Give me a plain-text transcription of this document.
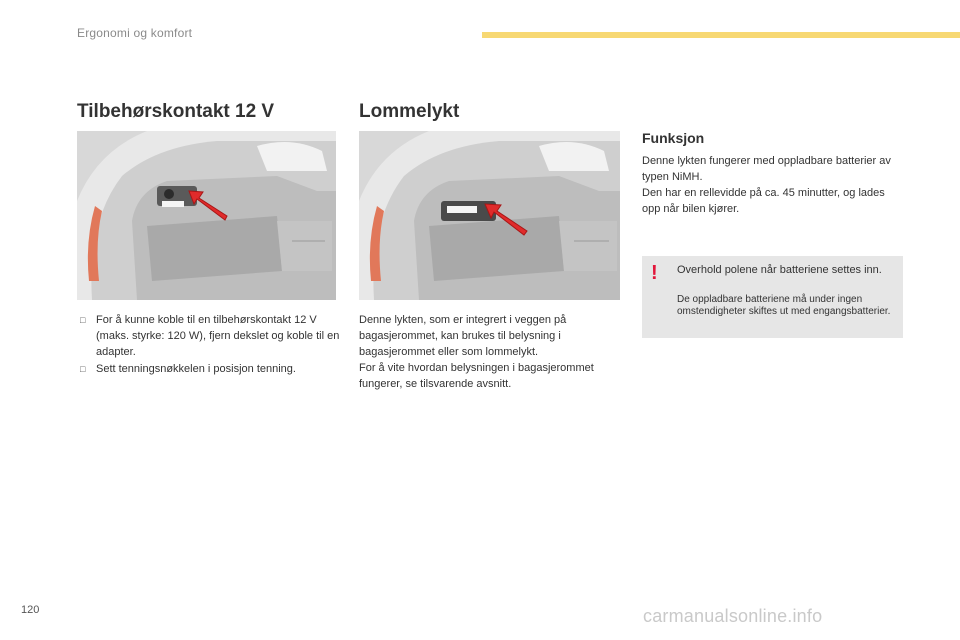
Ergonomi og komfort
Tilbehørskontakt 12 V	Lommelykt
□ For å kunne koble til en tilbehørskontakt 12 V (maks. styrke: 120 W), fjern dekslet og koble til en adapter.
□ Sett tenningsnøkkelen i posisjon tenning.

Denne lykten, som er integrert i veggen på bagasjerommet, kan brukes til belysning i bagasjerommet eller som lommelykt.

For å vite hvordan belysningen i bagasjerommet fungerer, se tilsvarende avsnitt.

Funksjon

Denne lykten fungerer med oppladbare batterier av typen NiMH.

Den har en rellevidde på ca. 45 minutter, og lades opp når bilen kjører.

! Overhold polene når batteriene settes inn.
De oppladbare batteriene må under ingen omstendigheter skiftes ut med engangsbatterier.
120	carmanualsonline.info
